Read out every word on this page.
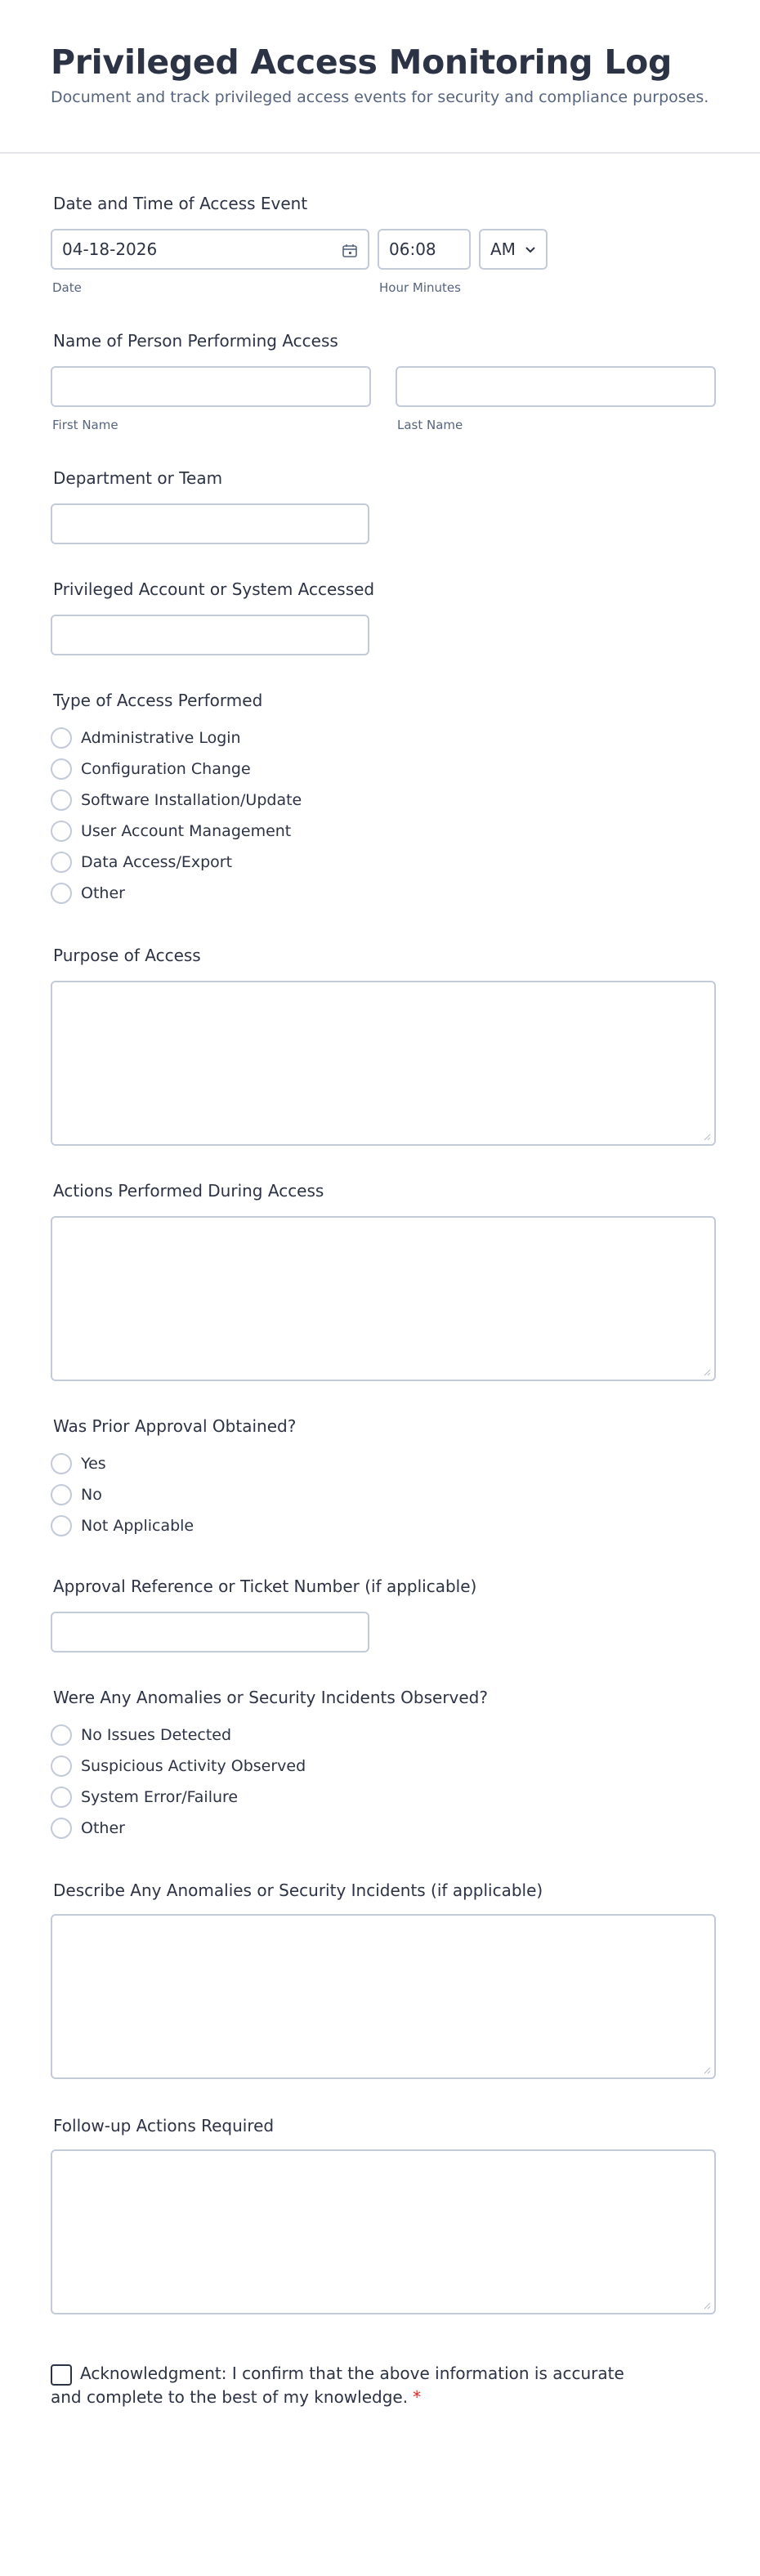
Privileged Access Monitoring Log

Document and track privileged access events for security and compliance purposes.

Date and Time of Access Event
04-18-2026	06:08	AM
Date	Hour Minutes
Name of Person Performing Access
First Name	Last Name
Department or Team
Privileged Account or System Accessed
Type of Access Performed
Administrative Login
Configuration Change
Software Installation/Update
User Account Management
Data Access/Export
Other
Purpose of Access
Actions Performed During Access
Was Prior Approval Obtained?
Yes
No
Not Applicable
Approval Reference or Ticket Number (if applicable)
Were Any Anomalies or Security Incidents Observed?
No Issues Detected
Suspicious Activity Observed
System Error/Failure
Other
Describe Any Anomalies or Security Incidents (if applicable)
Follow-up Actions Required
Acknowledgment: I confirm that the above information is accurate and complete to the best of my knowledge. *
